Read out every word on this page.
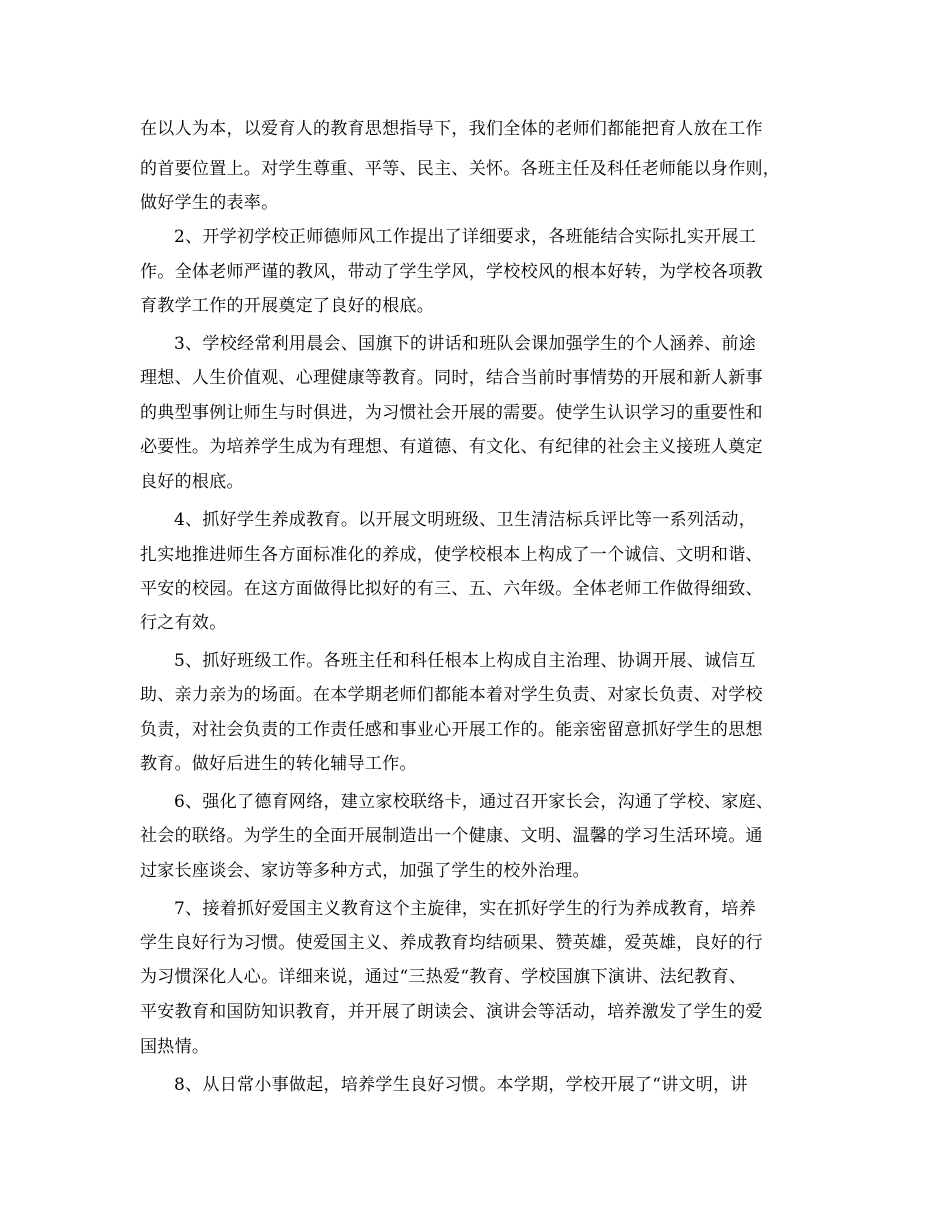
在以人为本，以爱育人的教育思想指导下，我们全体的老师们都能把育人放在工作
的首要位置上。对学生尊重、平等、民主、关怀。各班主任及科任老师能以身作则，
做好学生的表率。
2、开学初学校正师德师风工作提出了详细要求，各班能结合实际扎实开展工
作。全体老师严谨的教风，带动了学生学风，学校校风的根本好转，为学校各项教
育教学工作的开展奠定了良好的根底。
3、学校经常利用晨会、国旗下的讲话和班队会课加强学生的个人涵养、前途
理想、人生价值观、心理健康等教育。同时，结合当前时事情势的开展和新人新事
的典型事例让师生与时俱进，为习惯社会开展的需要。使学生认识学习的重要性和
必要性。为培养学生成为有理想、有道德、有文化、有纪律的社会主义接班人奠定
良好的根底。
4、抓好学生养成教育。以开展文明班级、卫生清洁标兵评比等一系列活动，
扎实地推进师生各方面标准化的养成，使学校根本上构成了一个诚信、文明和谐、
平安的校园。在这方面做得比拟好的有三、五、六年级。全体老师工作做得细致、
行之有效。
5、抓好班级工作。各班主任和科任根本上构成自主治理、协调开展、诚信互
助、亲力亲为的场面。在本学期老师们都能本着对学生负责、对家长负责、对学校
负责，对社会负责的工作责任感和事业心开展工作的。能亲密留意抓好学生的思想
教育。做好后进生的转化辅导工作。
6、强化了德育网络，建立家校联络卡，通过召开家长会，沟通了学校、家庭、
社会的联络。为学生的全面开展制造出一个健康、文明、温馨的学习生活环境。通
过家长座谈会、家访等多种方式，加强了学生的校外治理。
7、接着抓好爱国主义教育这个主旋律，实在抓好学生的行为养成教育，培养
学生良好行为习惯。使爱国主义、养成教育均结硕果、赞英雄，爱英雄，良好的行
为习惯深化人心。详细来说，通过“三热爱“教育、学校国旗下演讲、法纪教育、
平安教育和国防知识教育，并开展了朗读会、演讲会等活动，培养激发了学生的爱
国热情。
8、从日常小事做起，培养学生良好习惯。本学期，学校开展了“讲文明，讲
